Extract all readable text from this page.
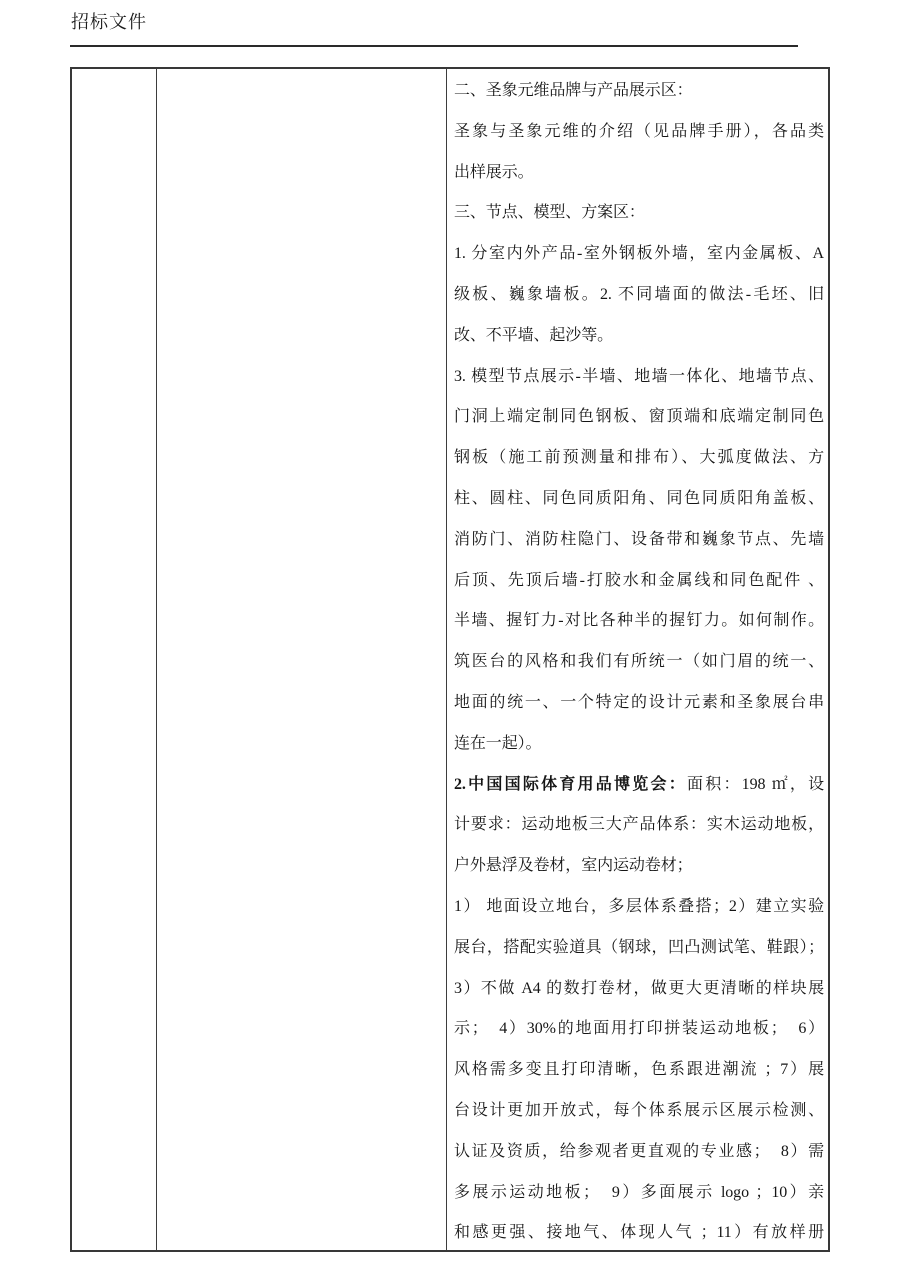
招标文件
二、圣象元维品牌与产品展示区：
圣象与圣象元维的介绍（见品牌手册），各品类
出样展示。
三、节点、模型、方案区：
1. 分室内外产品-室外钢板外墙，室内金属板、A
级板、巍象墙板。2. 不同墙面的做法-毛坯、旧
改、不平墙、起沙等。
3. 模型节点展示-半墙、地墙一体化、地墙节点、
门洞上端定制同色钢板、窗顶端和底端定制同色
钢板（施工前预测量和排布）、大弧度做法、方
柱、圆柱、同色同质阳角、同色同质阳角盖板、
消防门、消防柱隐门、设备带和巍象节点、先墙
后顶、先顶后墙-打胶水和金属线和同色配件 、
半墙、握钉力-对比各种半的握钉力。如何制作。
筑医台的风格和我们有所统一（如门眉的统一、
地面的统一、一个特定的设计元素和圣象展台串
连在一起）。
2.中国国际体育用品博览会：面积：198 ㎡，设
计要求：运动地板三大产品体系：实木运动地板，
户外悬浮及卷材，室内运动卷材；
1） 地面设立地台，多层体系叠搭；2）建立实验
展台，搭配实验道具（钢球，凹凸测试笔、鞋跟）；
3）不做 A4 的数打卷材，做更大更清晰的样块展
示；　4）30%的地面用打印拼装运动地板；　6）
风格需多变且打印清晰，色系跟进潮流 ；7）展
台设计更加开放式，每个体系展示区展示检测、
认证及资质，给参观者更直观的专业感；　8）需
多展示运动地板；　9）多面展示 logo ；10）亲
和感更强、接地气、体现人气 ；11）有放样册
